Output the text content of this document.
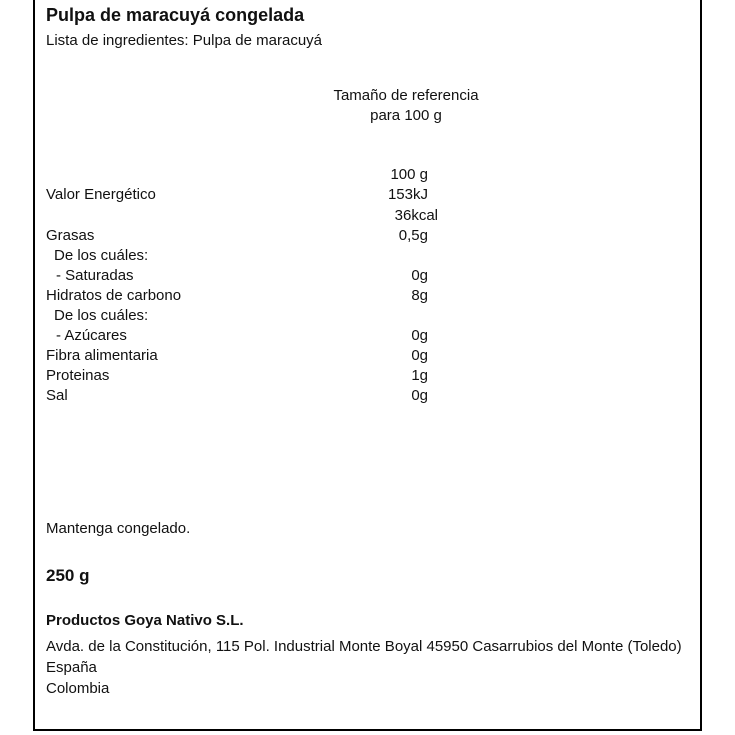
Pulpa de maracuyá congelada
Lista de ingredientes: Pulpa de maracuyá
Tamaño de referencia
para 100 g
100 g
Valor Energético	153kJ
36kcal
Grasas	0,5g
De los cuáles:
- Saturadas	0g
Hidratos de carbono	8g
De los cuáles:
- Azúcares	0g
Fibra alimentaria	0g
Proteinas	1g
Sal	0g
Mantenga congelado.
250 g
Productos Goya Nativo S.L.
Avda. de la Constitución, 115 Pol. Industrial Monte Boyal 45950 Casarrubios del Monte (Toledo) España
Colombia
